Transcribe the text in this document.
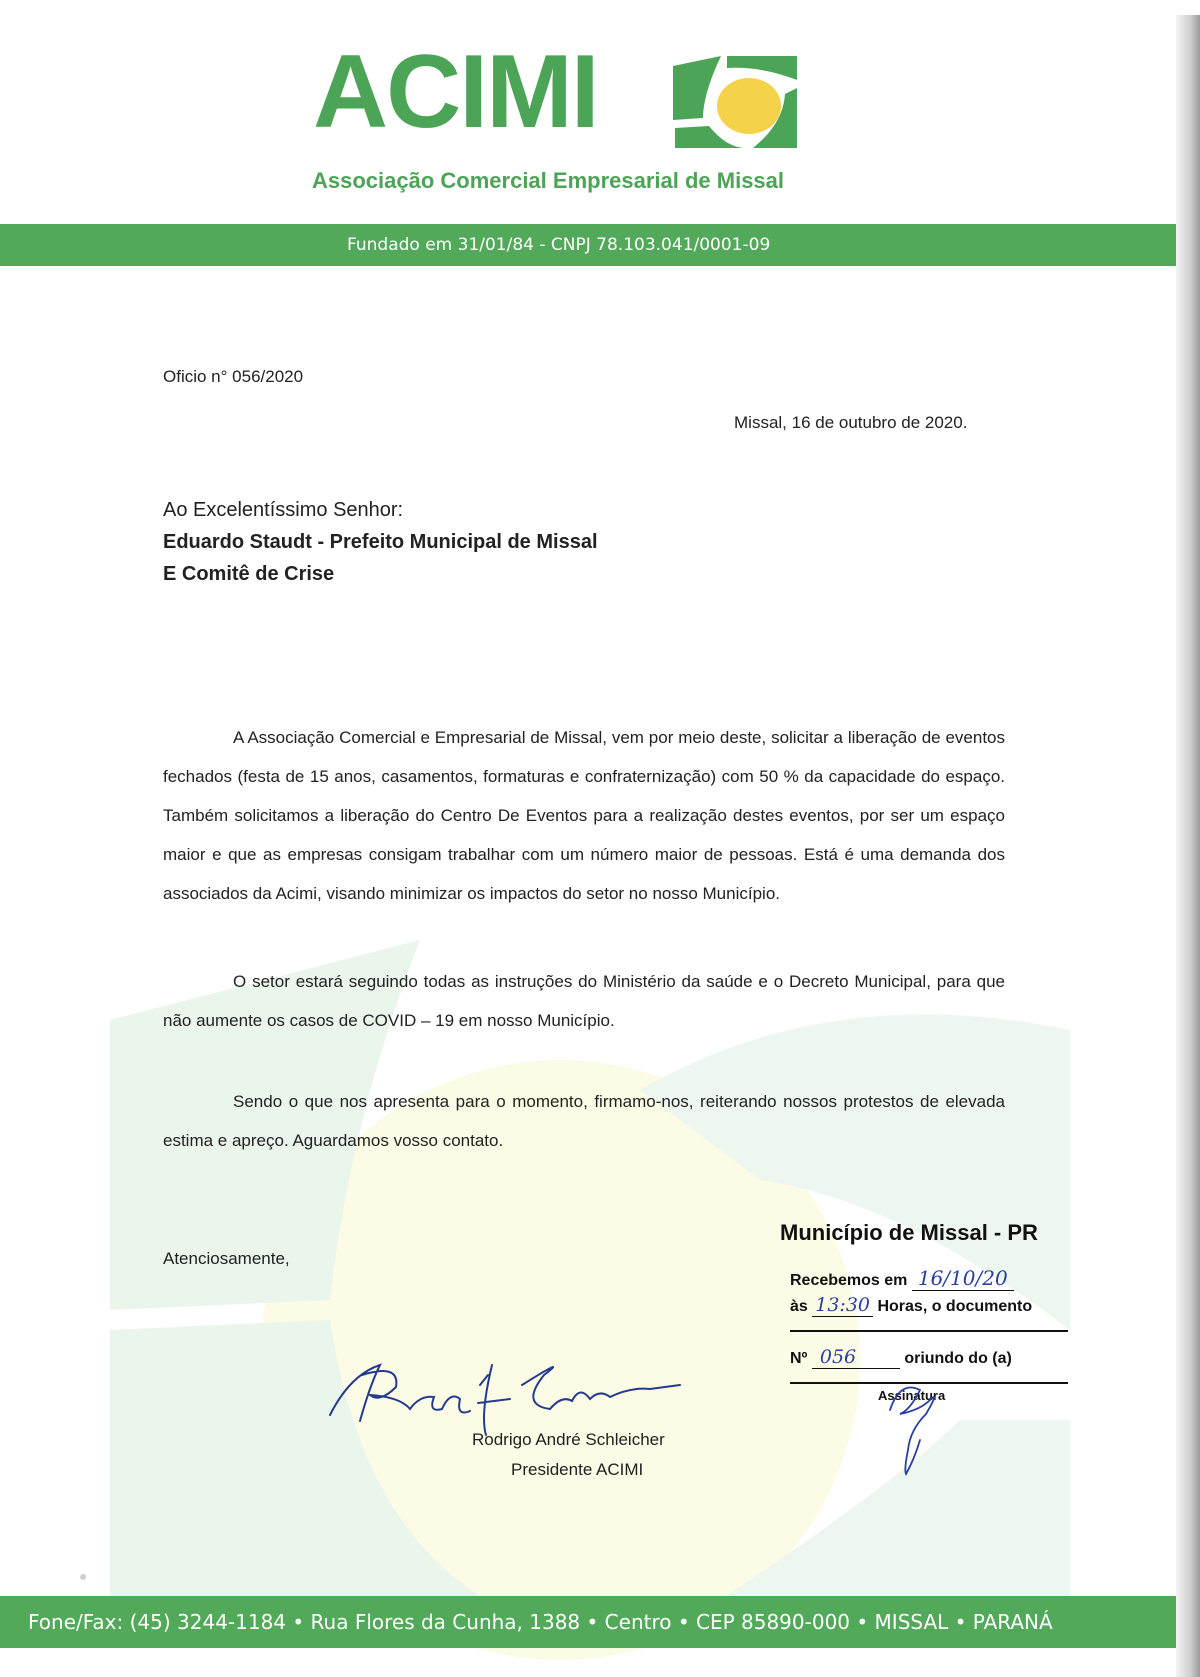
ACIMI
Associação Comercial Empresarial de Missal
Fundado em 31/01/84 - CNPJ 78.103.041/0001-09
Oficio n° 056/2020
Missal, 16 de outubro de 2020.
Ao Excelentíssimo Senhor:
Eduardo Staudt - Prefeito Municipal de Missal
E Comitê de Crise

A Associação Comercial e Empresarial de Missal, vem por meio deste, solicitar a liberação de eventos fechados (festa de 15 anos, casamentos, formaturas e confraternização) com 50 % da capacidade do espaço. Também solicitamos a liberação do Centro De Eventos para a realização destes eventos, por ser um espaço maior e que as empresas consigam trabalhar com um número maior de pessoas. Está é uma demanda dos associados da Acimi, visando minimizar os impactos do setor no nosso Município.

O setor estará seguindo todas as instruções do Ministério da saúde e o Decreto Municipal, para que não aumente os casos de COVID – 19 em nosso Município.

Sendo o que nos apresenta para o momento, firmamo-nos, reiterando nossos protestos de elevada estima e apreço. Aguardamos vosso contato.

Atenciosamente,
Rodrigo André Schleicher
Presidente ACIMI
Município de Missal - PR
Recebemos em 16/10/20
às 13:30 Horas, o documento
Nº 056	oriundo do (a)
Assinatura
Fone/Fax: (45) 3244-1184 • Rua Flores da Cunha, 1388 • Centro • CEP 85890-000 • MISSAL • PARANÁ
